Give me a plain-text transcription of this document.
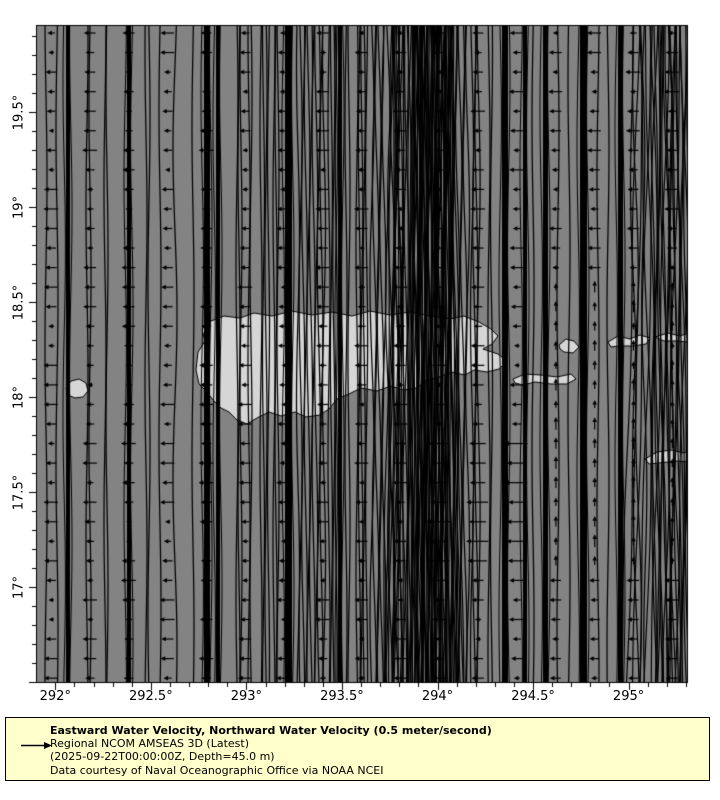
292°	292.5°	293°	293.5°	294°	294.5°	295°
17°
17.5°
18°
18.5°
19°
19.5°
Eastward Water Velocity, Northward Water Velocity (0.5 meter/second)
Regional NCOM AMSEAS 3D (Latest)
(2025-09-22T00:00:00Z, Depth=45.0 m)
Data courtesy of Naval Oceanographic Office via NOAA NCEI
